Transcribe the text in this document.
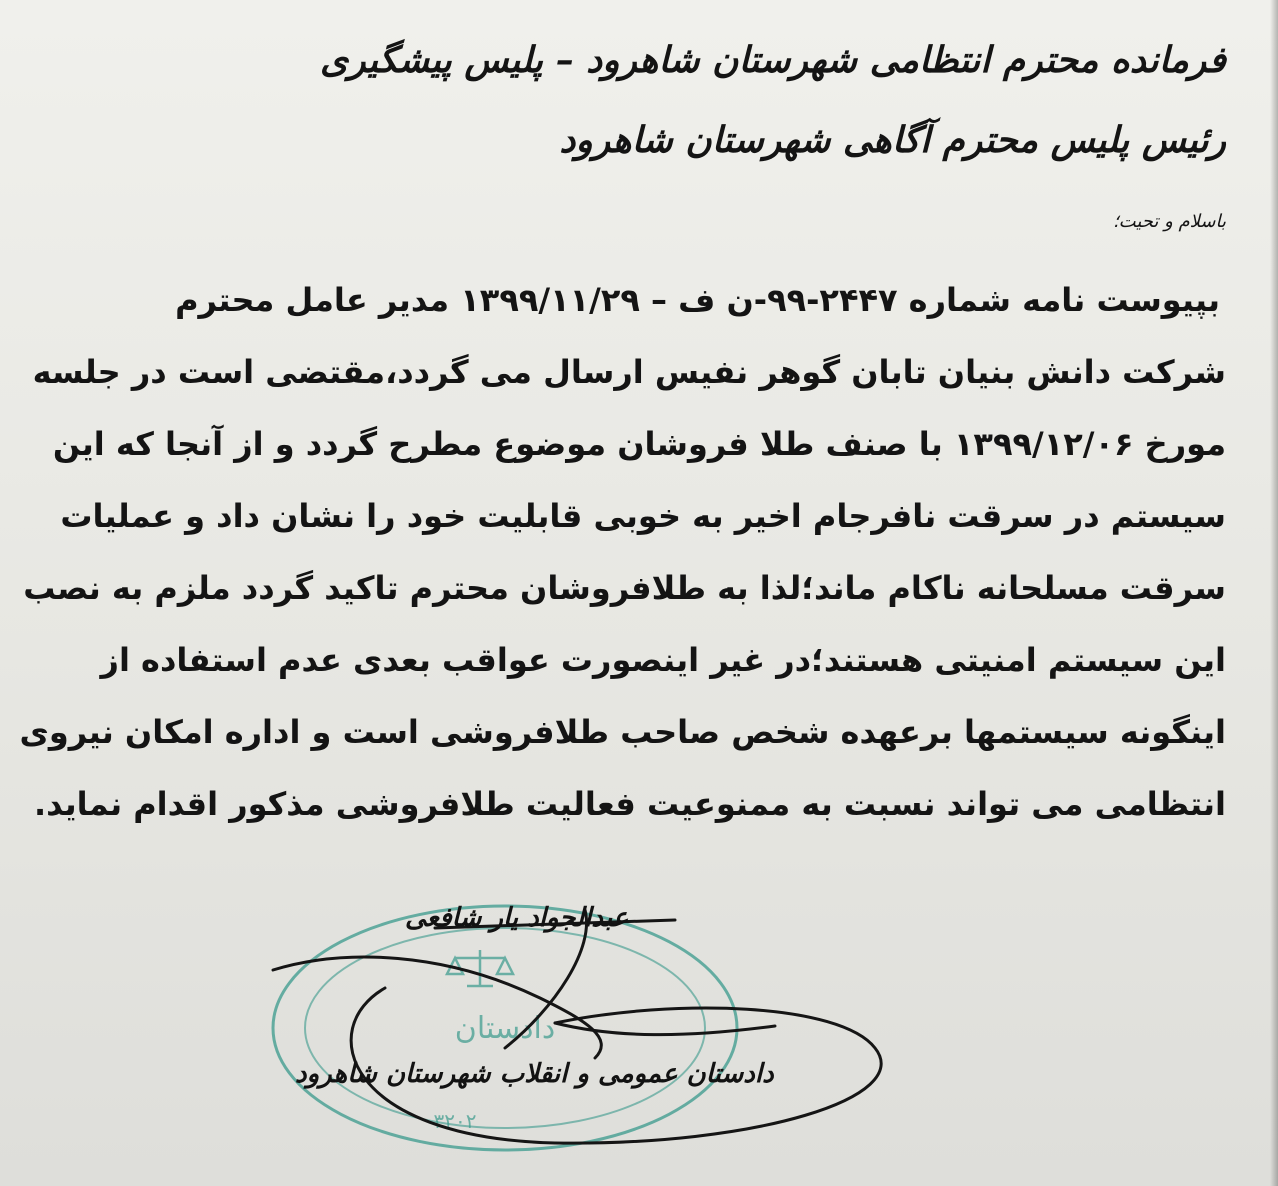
فرمانده محترم انتظامی شهرستان شاهرود – پلیس پیشگیری
رئیس پلیس محترم آگاهی شهرستان شاهرود
باسلام و تحیت؛
بپیوست نامه شماره ۲۴۴۷-۹۹-ن ف – ۱۳۹۹/۱۱/۲۹ مدیر عامل محترم
شرکت دانش بنیان تابان گوهر نفیس ارسال می گردد،مقتضی است در جلسه
مورخ ۱۳۹۹/۱۲/۰۶ با صنف طلا فروشان موضوع مطرح گردد و از آنجا که این
سیستم در سرقت نافرجام اخیر به خوبی قابلیت خود را نشان داد و عملیات
سرقت مسلحانه ناکام ماند؛لذا به طلافروشان محترم تاکید گردد ملزم به نصب
این سیستم امنیتی هستند؛در غیر اینصورت عواقب بعدی عدم استفاده از
اینگونه سیستمها برعهده شخص صاحب طلافروشی است و اداره امکان نیروی
انتظامی می تواند نسبت به ممنوعیت فعالیت طلافروشی مذکور اقدام نماید.
دادستان
۳۲۰۲
عبدالجواد یار شافعی
دادستان عمومی و انقلاب شهرستان شاهرود
